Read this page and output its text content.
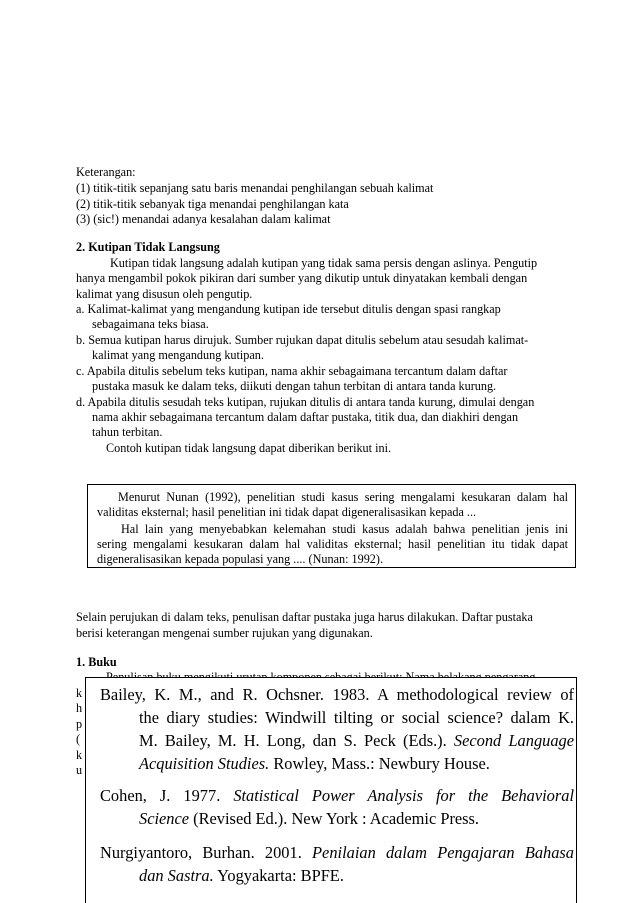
Keterangan:
(1) titik-titik sepanjang satu baris menandai penghilangan sebuah kalimat
(2) titik-titik sebanyak tiga menandai penghilangan kata
(3) (sic!) menandai adanya kesalahan dalam kalimat
2. Kutipan Tidak Langsung
Kutipan tidak langsung adalah kutipan yang tidak sama persis dengan aslinya. Pengutip
hanya mengambil pokok pikiran dari sumber yang dikutip untuk dinyatakan kembali dengan
kalimat yang disusun oleh pengutip.
a. Kalimat-kalimat yang mengandung kutipan ide tersebut ditulis dengan spasi rangkap
sebagaimana teks biasa.
b. Semua kutipan harus dirujuk. Sumber rujukan dapat ditulis sebelum atau sesudah kalimat-
kalimat yang mengandung kutipan.
c. Apabila ditulis sebelum teks kutipan, nama akhir sebagaimana tercantum dalam daftar
pustaka masuk ke dalam teks, diikuti dengan tahun terbitan di antara tanda kurung.
d. Apabila ditulis sesudah teks kutipan, rujukan ditulis di antara tanda kurung, dimulai dengan
nama akhir sebagaimana tercantum dalam daftar pustaka, titik dua, dan diakhiri dengan
tahun terbitan.
Contoh kutipan tidak langsung dapat diberikan berikut ini.
Menurut Nunan (1992), penelitian studi kasus sering mengalami kesukaran dalam hal
validitas eksternal; hasil penelitian ini tidak dapat digeneralisasikan kepada ...
Hal lain yang menyebabkan kelemahan studi kasus adalah bahwa penelitian jenis ini
sering mengalami kesukaran dalam hal validitas eksternal; hasil penelitian itu tidak dapat
digeneralisasikan kepada populasi yang .... (Nunan: 1992).
Selain perujukan di dalam teks, penulisan daftar pustaka juga harus dilakukan. Daftar pustaka
berisi keterangan mengenai sumber rujukan yang digunakan.
1. Buku
k
h
p
(
k
u
Bailey, K. M., and R. Ochsner. 1983. A methodological review of
the diary studies: Windwill tilting or social science? dalam K.
M. Bailey, M. H. Long, dan S. Peck (Eds.). Second Language
Acquisition Studies. Rowley, Mass.: Newbury House.
Cohen, J. 1977. Statistical Power Analysis for the Behavioral
Science (Revised Ed.). New York : Academic Press.
Nurgiyantoro, Burhan. 2001. Penilaian dalam Pengajaran Bahasa
dan Sastra. Yogyakarta: BPFE.
